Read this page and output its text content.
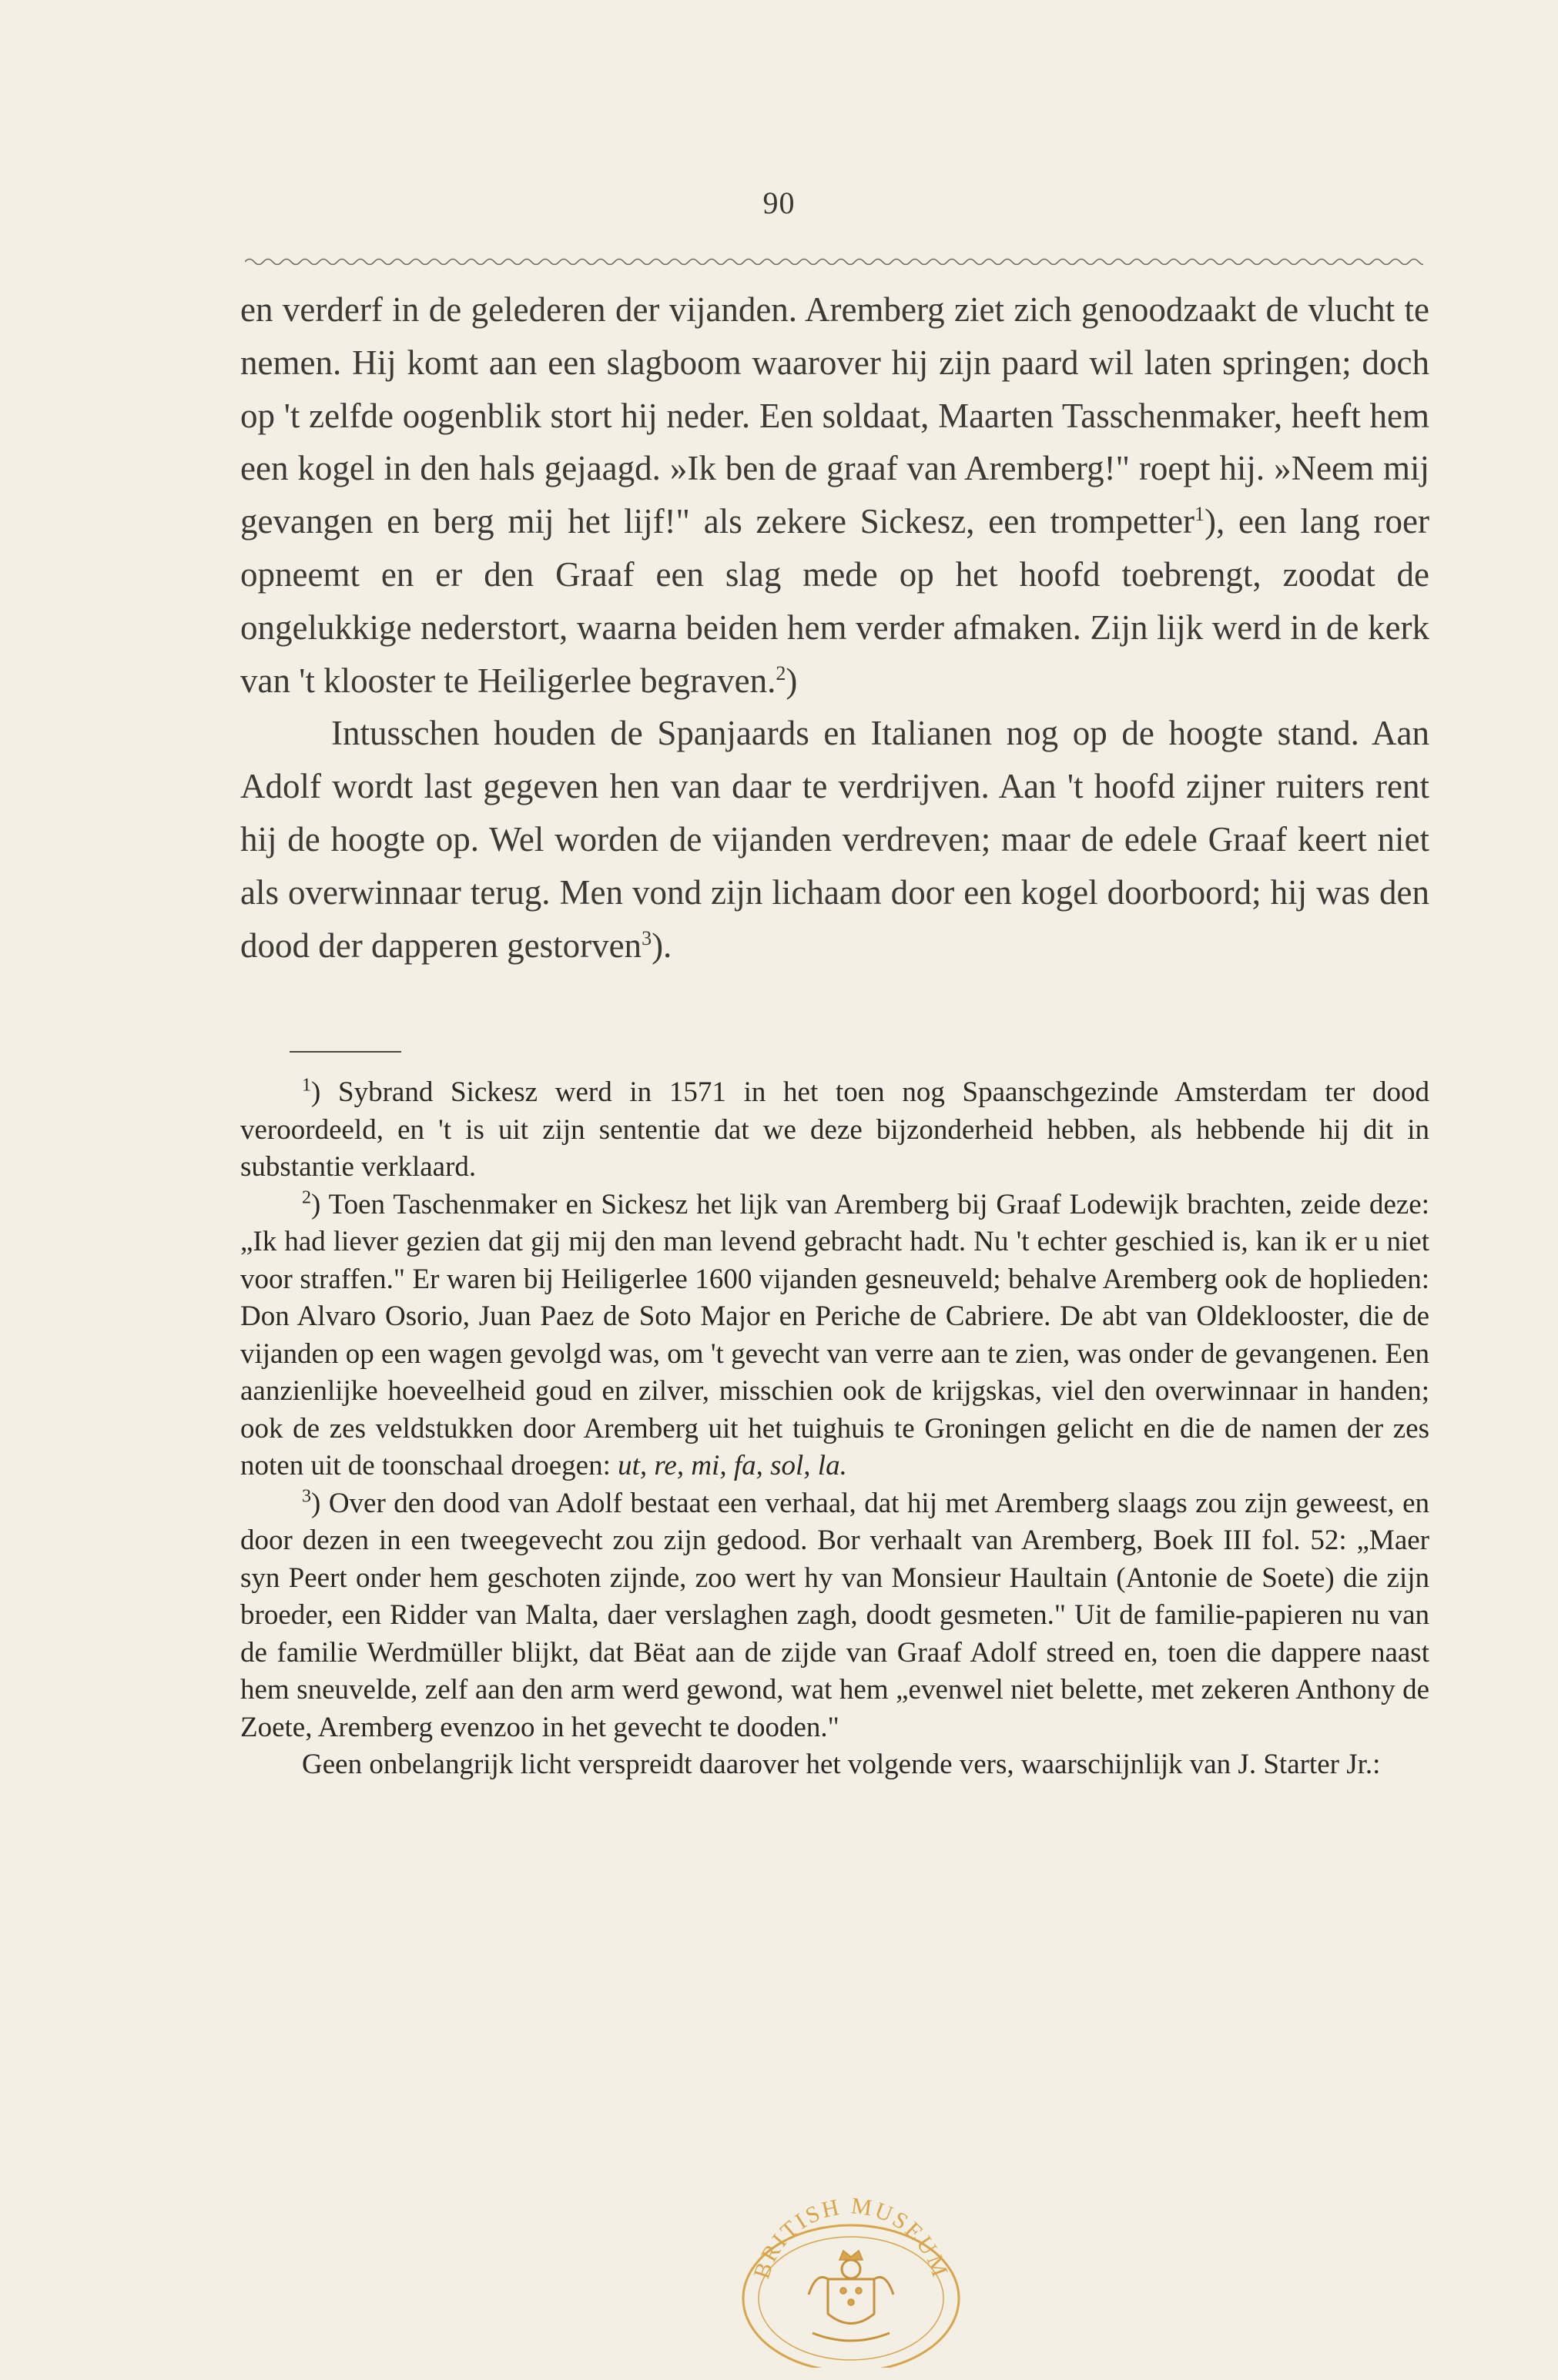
90

en verderf in de gelederen der vijanden. Aremberg ziet zich genoodzaakt de vlucht te nemen. Hij komt aan een slagboom waarover hij zijn paard wil laten springen; doch op 't zelfde oogenblik stort hij neder. Een soldaat, Maarten Tasschenmaker, heeft hem een kogel in den hals gejaagd. »Ik ben de graaf van Aremberg!" roept hij. »Neem mij gevangen en berg mij het lijf!" als zekere Sickesz, een trompetter$^1$), een lang roer opneemt en er den Graaf een slag mede op het hoofd toebrengt, zoodat de ongelukkige nederstort, waarna beiden hem verder afmaken. Zijn lijk werd in de kerk van 't klooster te Heiligerlee begraven.$^2$)

Intusschen houden de Spanjaards en Italianen nog op de hoogte stand. Aan Adolf wordt last gegeven hen van daar te verdrijven. Aan 't hoofd zijner ruiters rent hij de hoogte op. Wel worden de vijanden verdreven; maar de edele Graaf keert niet als overwinnaar terug. Men vond zijn lichaam door een kogel doorboord; hij was den dood der dapperen gestorven$^3$).

$^1$) Sybrand Sickesz werd in 1571 in het toen nog Spaanschgezinde Amsterdam ter dood veroordeeld, en 't is uit zijn sententie dat we deze bijzonderheid hebben, als hebbende hij dit in substantie verklaard.

$^2$) Toen Taschenmaker en Sickesz het lijk van Aremberg bij Graaf Lodewijk brachten, zeide deze: „Ik had liever gezien dat gij mij den man levend gebracht hadt. Nu 't echter geschied is, kan ik er u niet voor straffen." Er waren bij Heiligerlee 1600 vijanden gesneuveld; behalve Aremberg ook de hoplieden: Don Alvaro Osorio, Juan Paez de Soto Major en Periche de Cabriere. De abt van Oldeklooster, die de vijanden op een wagen gevolgd was, om 't gevecht van verre aan te zien, was onder de gevangenen. Een aanzienlijke hoeveelheid goud en zilver, misschien ook de krijgskas, viel den overwinnaar in handen; ook de zes veldstukken door Aremberg uit het tuighuis te Groningen gelicht en die de namen der zes noten uit de toonschaal droegen: ut, re, mi, fa, sol, la.

$^3$) Over den dood van Adolf bestaat een verhaal, dat hij met Aremberg slaags zou zijn geweest, en door dezen in een tweegevecht zou zijn gedood. Bor verhaalt van Aremberg, Boek III fol. 52: „Maer syn Peert onder hem geschoten zijnde, zoo wert hy van Monsieur Haultain (Antonie de Soete) die zijn broeder, een Ridder van Malta, daer verslaghen zagh, doodt gesmeten." Uit de familie-papieren nu van de familie Werdmüller blijkt, dat Bëat aan de zijde van Graaf Adolf streed en, toen die dappere naast hem sneuvelde, zelf aan den arm werd gewond, wat hem „evenwel niet belette, met zekeren Anthony de Zoete, Aremberg evenzoo in het gevecht te dooden."

Geen onbelangrijk licht verspreidt daarover het volgende vers, waarschijnlijk van J. Starter Jr.:

BRITISH MUSEUM
